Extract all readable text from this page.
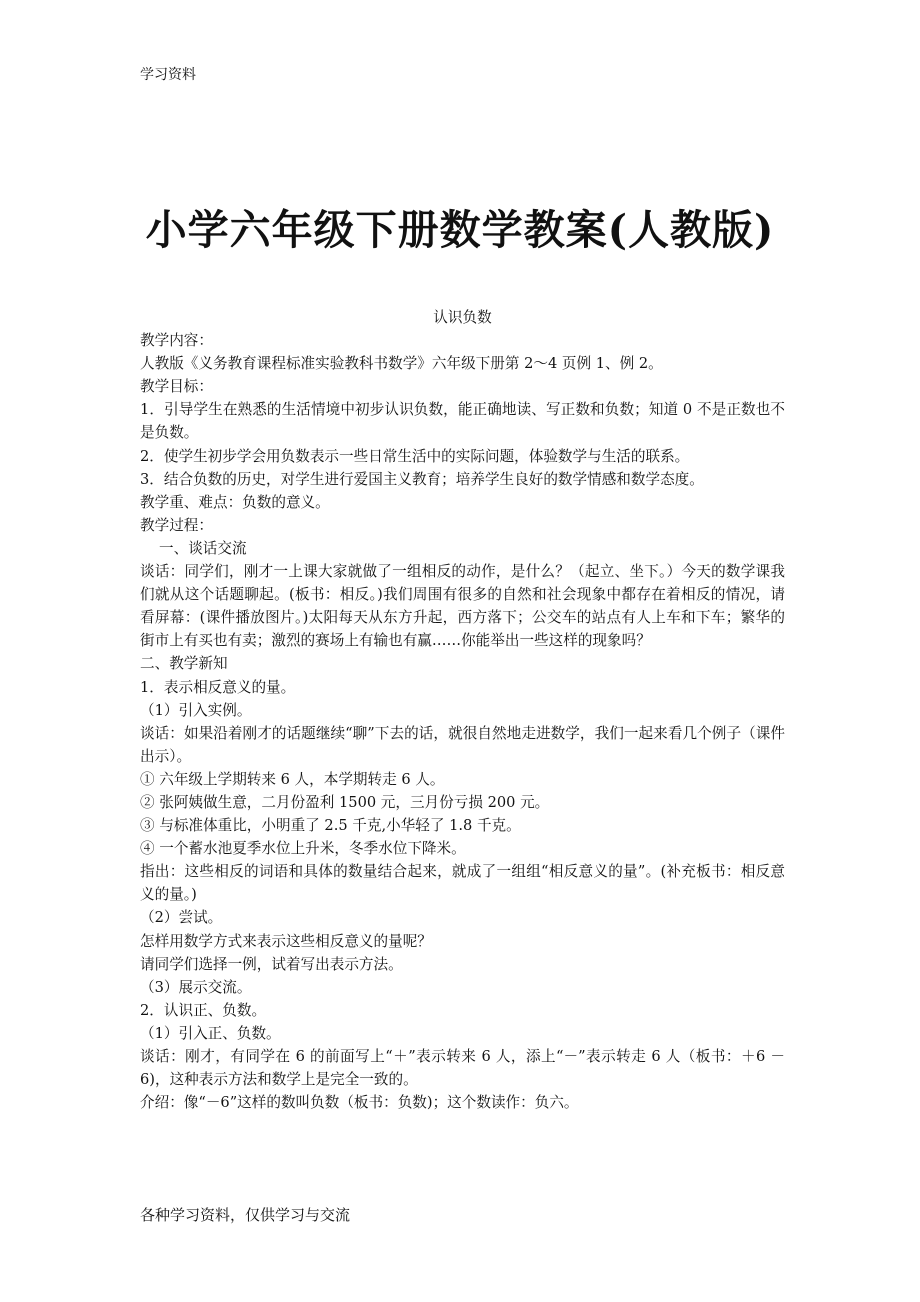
学习资料
小学六年级下册数学教案(人教版)
认识负数
教学内容：
人教版《义务教育课程标准实验教科书数学》六年级下册第 2～4 页例 1、例 2。
教学目标：
1．引导学生在熟悉的生活情境中初步认识负数，能正确地读、写正数和负数；知道 0 不是正数也不是负数。
2．使学生初步学会用负数表示一些日常生活中的实际问题，体验数学与生活的联系。
3．结合负数的历史，对学生进行爱国主义教育；培养学生良好的数学情感和数学态度。
教学重、难点：负数的意义。
教学过程：
一、谈话交流
谈话：同学们，刚才一上课大家就做了一组相反的动作，是什么？（起立、坐下。）今天的数学课我们就从这个话题聊起。(板书：相反。)我们周围有很多的自然和社会现象中都存在着相反的情况，请看屏幕：(课件播放图片。)太阳每天从东方升起，西方落下；公交车的站点有人上车和下车；繁华的街市上有买也有卖；激烈的赛场上有输也有赢……你能举出一些这样的现象吗？
二、教学新知
1．表示相反意义的量。
（1）引入实例。
谈话：如果沿着刚才的话题继续“聊”下去的话，就很自然地走进数学，我们一起来看几个例子（课件出示）。
① 六年级上学期转来 6 人，本学期转走 6 人。
② 张阿姨做生意，二月份盈利 1500 元，三月份亏损 200 元。
③ 与标准体重比，小明重了 2.5 千克,小华轻了 1.8 千克。
④ 一个蓄水池夏季水位上升米，冬季水位下降米。
指出：这些相反的词语和具体的数量结合起来，就成了一组组“相反意义的量”。(补充板书：相反意义的量。)
（2）尝试。
怎样用数学方式来表示这些相反意义的量呢？
请同学们选择一例，试着写出表示方法。
（3）展示交流。
2．认识正、负数。
（1）引入正、负数。
谈话：刚才，有同学在 6 的前面写上“＋”表示转来 6 人，添上“－”表示转走 6 人（板书：＋6 －6)，这种表示方法和数学上是完全一致的。
介绍：像“－6”这样的数叫负数（板书：负数)；这个数读作：负六。
各种学习资料，仅供学习与交流
